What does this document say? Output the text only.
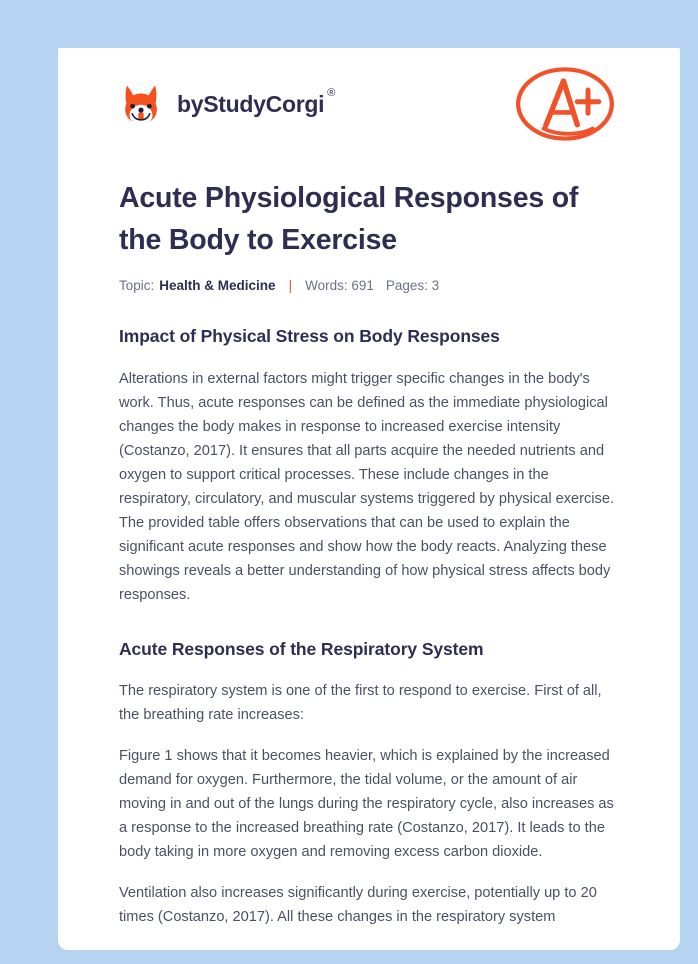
by StudyCorgi ®
Acute Physiological Responses of the Body to Exercise
Topic: Health & Medicine | Words: 691 Pages: 3
Impact of Physical Stress on Body Responses

Alterations in external factors might trigger specific changes in the body's work. Thus, acute responses can be defined as the immediate physiological changes the body makes in response to increased exercise intensity (Costanzo, 2017). It ensures that all parts acquire the needed nutrients and oxygen to support critical processes. These include changes in the respiratory, circulatory, and muscular systems triggered by physical exercise. The provided table offers observations that can be used to explain the significant acute responses and show how the body reacts. Analyzing these showings reveals a better understanding of how physical stress affects body responses.

Acute Responses of the Respiratory System

The respiratory system is one of the first to respond to exercise. First of all, the breathing rate increases:

Figure 1 shows that it becomes heavier, which is explained by the increased demand for oxygen. Furthermore, the tidal volume, or the amount of air moving in and out of the lungs during the respiratory cycle, also increases as a response to the increased breathing rate (Costanzo, 2017). It leads to the body taking in more oxygen and removing excess carbon dioxide.

Ventilation also increases significantly during exercise, potentially up to 20 times (Costanzo, 2017). All these changes in the respiratory system
